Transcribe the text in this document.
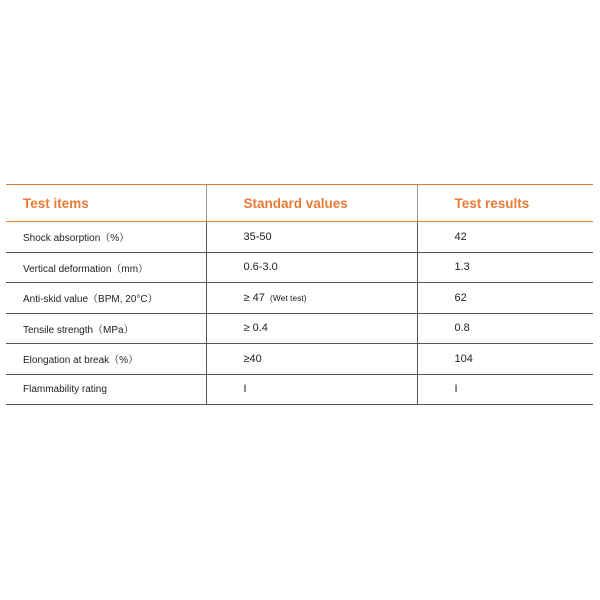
Test items	Standard values	Test results
Shock absorption（%）	35-50	42
Vertical deformation（mm）	0.6-3.0	1.3
Anti-skid value（BPM, 20°C）	≥ 47 (Wet test)	62
Tensile strength（MPa）	≥ 0.4	0.8
Elongation at break（%）	≥40	104
Flammability rating	I	I
